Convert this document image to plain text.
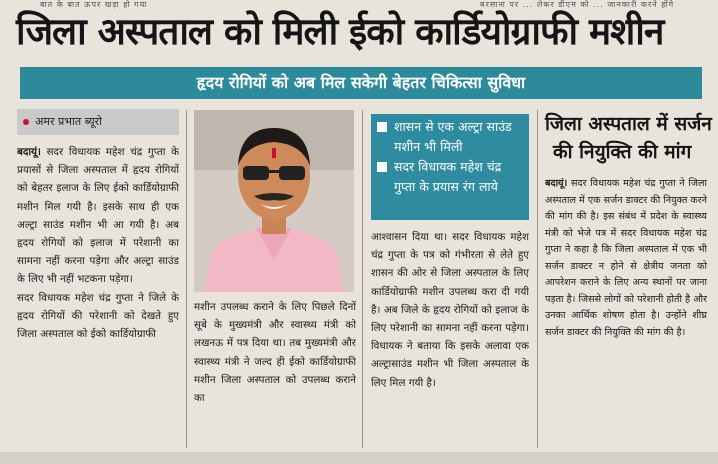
बात के बात ऊपर खड़ा हो गया	बरसाना पर ... लेकर डीएम को ... जानकारी करने होंगे
जिला अस्पताल को मिली ईको कार्डियोग्राफी मशीन
हृदय रोगियों को अब मिल सकेगी बेहतर चिकित्सा सुविधा
अमर प्रभात ब्यूरो

बदायूं। सदर विधायक महेश चंद्र गुप्ता के प्रयासों से जिला अस्पताल में हृदय रोगियों को बेहतर इलाज के लिए ईको कार्डियोग्राफी मशीन मिल गयी है। इसके साथ ही एक अल्ट्रा साउंड मशीन भी आ गयी है। अब हृदय रोगियों को इलाज में परेशानी का सामना नहीं करना पड़ेगा और अल्ट्रा साउंड के लिए भी नहीं भटकना पड़ेगा।

सदर विधायक महेश चंद्र गुप्ता ने जिले के हृदय रोगियों की परेशानी को देखते हुए जिला अस्पताल को ईको कार्डियोग्राफी

मशीन उपलब्ध कराने के लिए पिछले दिनों सूबे के मुख्यमंत्री और स्वास्थ्य मंत्री को लखनऊ में पत्र दिया था। तब मुख्यमंत्री और स्वास्थ्य मंत्री ने जल्द ही ईको कार्डियोग्राफी मशीन जिला अस्पताल को उपलब्ध कराने का

शासन से एक अल्ट्रा साउंड मशीन भी मिली
सदर विधायक महेश चंद्र गुप्ता के प्रयास रंग लाये

आश्वासन दिया था। सदर विधायक महेश चंद्र गुप्ता के पत्र को गंभीरता से लेते हुए शासन की ओर से जिला अस्पताल के लिए कार्डियोग्राफी मशीन उपलब्ध करा दी गयी है। अब जिले के हृदय रोगियों को इलाज के लिए परेशानी का सामना नहीं करना पड़ेगा। विधायक ने बताया कि इसके अलावा एक अल्ट्रासाउंड मशीन भी जिला अस्पताल के लिए मिल गयी है।

जिला अस्पताल में सर्जन
की नियुक्ति की मांग

बदायूं। सदर विधायक महेश चंद्र गुप्ता ने जिला अस्पताल में एक सर्जन डाक्टर की नियुक्त करने की मांग की है। इस संबंध में प्रदेश के स्वास्थ्य मंत्री को भेजे पत्र में सदर विधायक महेश चंद्र गुप्ता ने कहा है कि जिला अस्पताल में एक भी सर्जन डाक्टर न होने से क्षेत्रीय जनता को आपरेशन कराने के लिए अन्य स्थानों पर जाना पड़ता है। जिससे लोगों को परेशानी होती है और उनका आर्थिक शोषण होता है। उन्होंने शीघ्र सर्जन डाक्टर की नियुक्ति की मांग की है।
